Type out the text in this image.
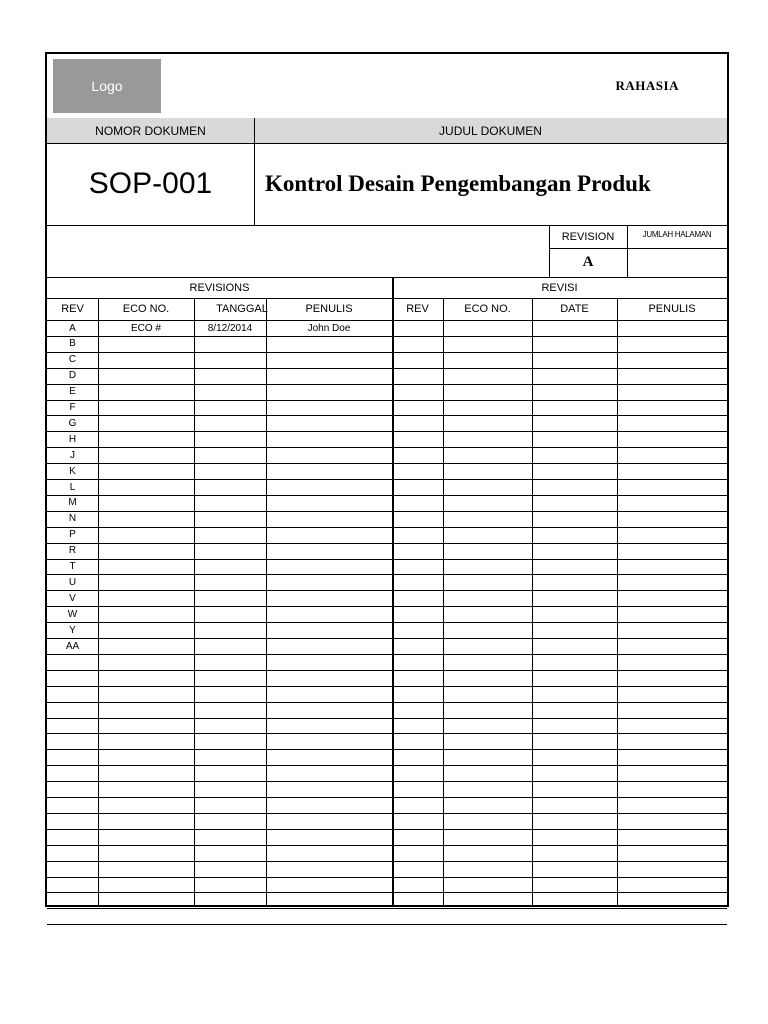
Logo	RAHASIA
NOMOR DOKUMEN	JUDUL DOKUMEN
SOP-001	Kontrol Desain Pengembangan Produk
REVISION	JUMLAH HALAMAN
A
REVISIONS	REVISI
REV	ECO NO.	TANGGAL	PENULIS	REV	ECO NO.	DATE	PENULIS
A	ECO #	8/12/2014	John Doe
B
C
D
E
F
G
H
J
K
L
M
N
P
R
T
U
V
W
Y
AA
